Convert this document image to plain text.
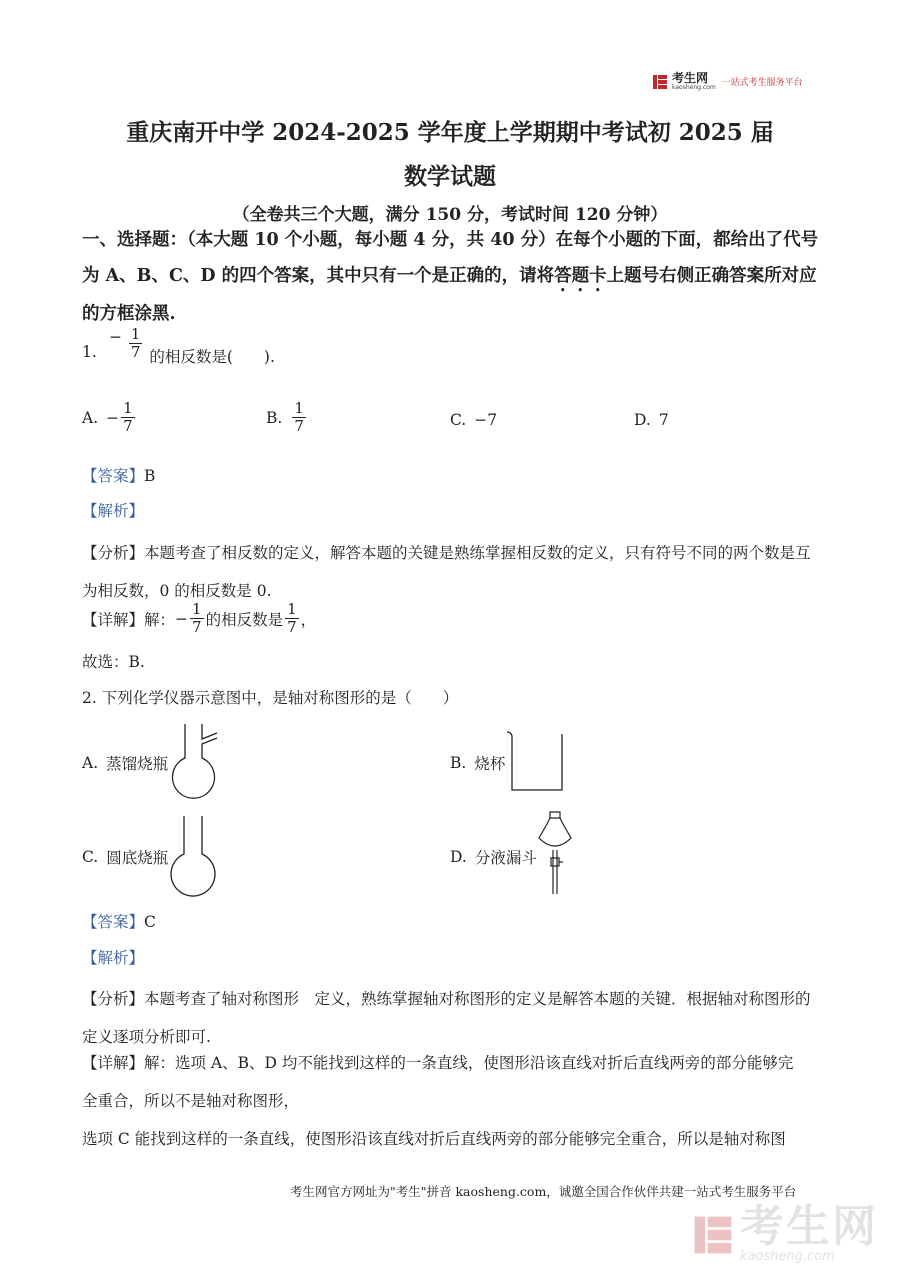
考生网
kaosheng.com 一站式考生服务平台
重庆南开中学 2024-2025 学年度上学期期中考试初 2025 届
数学试题
（全卷共三个大题，满分 150 分，考试时间 120 分钟）
一、选择题：（本大题 10 个小题，每小题 4 分，共 40 分）在每个小题的下面，都给出了代号为 A、B、C、D 的四个答案，其中只有一个是正确的，请将答题卡上题号右侧正确答案所对应的方框涂黑.
1. − $\frac{1}{7}$ 的相反数是(　　).
A. − $\frac{1}{7}$	B. $\frac{1}{7}$	C. −7	D. 7
【答案】B
【解析】
【分析】本题考查了相反数的定义，解答本题的关键是熟练掌握相反数的定义，只有符号不同的两个数是互
为相反数，0 的相反数是 0.
【详解】 解： − $\frac{1}{7}$ 的相反数是 $\frac{1}{7}$ ，
故选：B.
2. 下列化学仪器示意图中，是轴对称图形的是（　　）
A. 蒸馏烧瓶	B. 烧杯
C. 圆底烧瓶	D. 分液漏斗
【答案】C
【解析】
【分析】本题考查了轴对称图形　定义，熟练掌握轴对称图形的定义是解答本题的关键．根据轴对称图形的
定义逐项分析即可.
【详解】解：选项 A、B、D 均不能找到这样的一条直线，使图形沿该直线对折后直线两旁的部分能够完
全重合，所以不是轴对称图形，
选项 C 能找到这样的一条直线，使图形沿该直线对折后直线两旁的部分能够完全重合，所以是轴对称图
考生网官方网址为"考生"拼音 kaosheng.com，诚邀全国合作伙伴共建一站式考生服务平台
考生网
kaosheng.com
